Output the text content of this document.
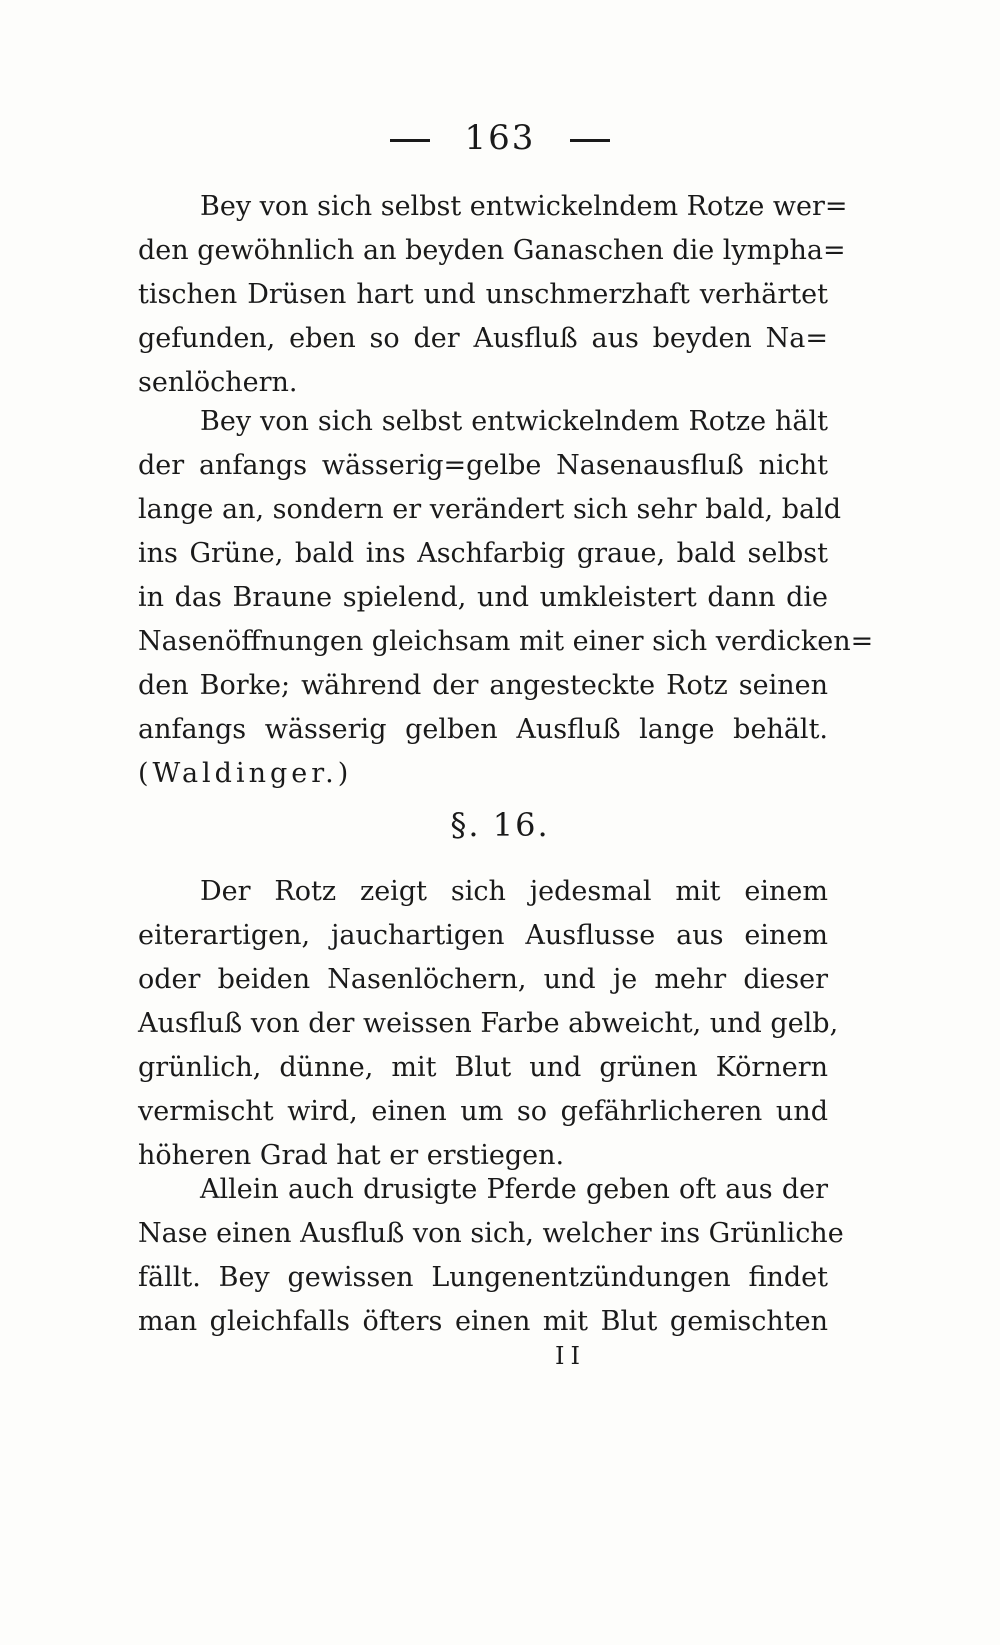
163
Bey von sich selbst entwickelndem Rotze wer=
den gewöhnlich an beyden Ganaschen die lympha=
tischen Drüsen hart und unschmerzhaft verhärtet
gefunden, eben so der Ausfluß aus beyden Na=
senlöchern.
Bey von sich selbst entwickelndem Rotze hält
der anfangs wässerig=gelbe Nasenausfluß nicht
lange an, sondern er verändert sich sehr bald, bald
ins Grüne, bald ins Aschfarbig graue, bald selbst
in das Braune spielend, und umkleistert dann die
Nasenöffnungen gleichsam mit einer sich verdicken=
den Borke; während der angesteckte Rotz seinen
anfangs wässerig gelben Ausfluß lange behält.
(Waldinger.)
§. 16.
Der Rotz zeigt sich jedesmal mit einem
eiterartigen, jauchartigen Ausflusse aus einem
oder beiden Nasenlöchern, und je mehr dieser
Ausfluß von der weissen Farbe abweicht, und gelb,
grünlich, dünne, mit Blut und grünen Körnern
vermischt wird, einen um so gefährlicheren und
höheren Grad hat er erstiegen.
Allein auch drusigte Pferde geben oft aus der
Nase einen Ausfluß von sich, welcher ins Grünliche
fällt. Bey gewissen Lungenentzündungen findet
man gleichfalls öfters einen mit Blut gemischten
II
